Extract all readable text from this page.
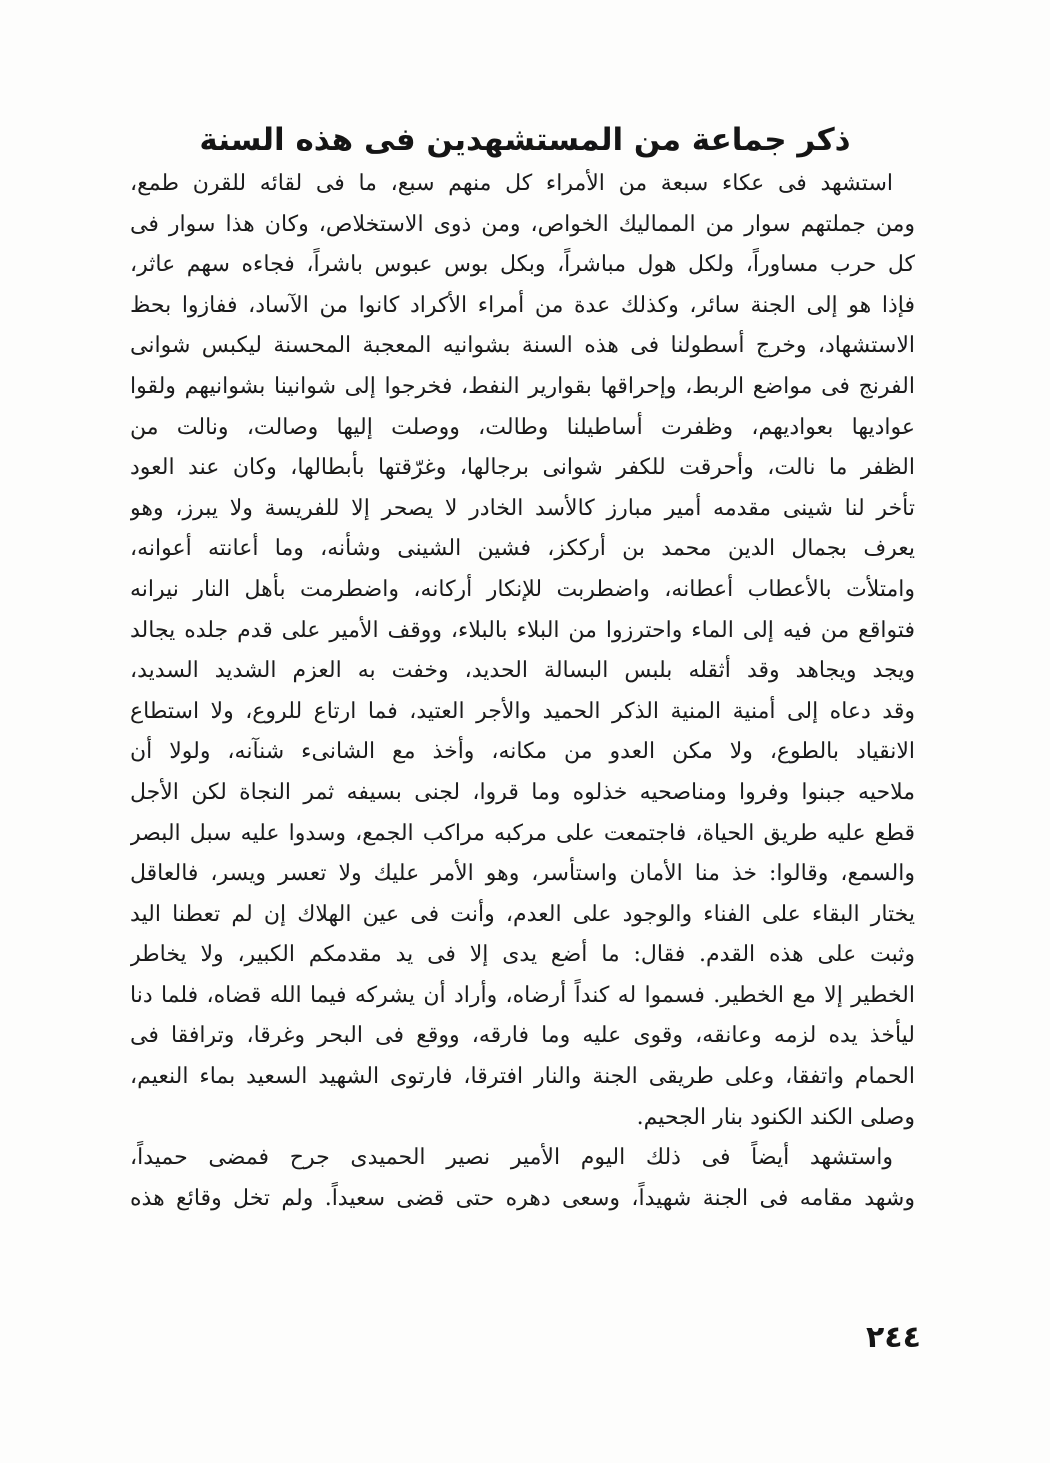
ذكر جماعة من المستشهدين فى هذه السنة
استشهد فى عكاء سبعة من الأمراء كل منهم سبع، ما فى لقائه للقرن طمع،
ومن جملتهم سوار من المماليك الخواص، ومن ذوى الاستخلاص، وكان هذا سوار فى
كل حرب مساوراً، ولكل هول مباشراً، وبكل بوس عبوس باشراً، فجاءه سهم عاثر،
فإذا هو إلى الجنة سائر، وكذلك عدة من أمراء الأكراد كانوا من الآساد، ففازوا بحظ
الاستشهاد، وخرج أسطولنا فى هذه السنة بشوانيه المعجبة المحسنة ليكبس شوانى
الفرنج فى مواضع الربط، وإحراقها بقوارير النفط، فخرجوا إلى شوانينا بشوانيهم ولقوا
عواديها بعواديهم، وظفرت أساطيلنا وطالت، ووصلت إليها وصالت، ونالت من
الظفر ما نالت، وأحرقت للكفر شوانى برجالها، وغرّقتها بأبطالها، وكان عند العود
تأخر لنا شينى مقدمه أمير مبارز كالأسد الخادر لا يصحر إلا للفريسة ولا يبرز، وهو
يعرف بجمال الدين محمد بن أرككز، فشين الشينى وشأنه، وما أعانته أعوانه،
وامتلأت بالأعطاب أعطانه، واضطربت للإنكار أركانه، واضطرمت بأهل النار نيرانه
فتواقع من فيه إلى الماء واحترزوا من البلاء بالبلاء، ووقف الأمير على قدم جلده يجالد
ويجد ويجاهد وقد أثقله بلبس البسالة الحديد، وخفت به العزم الشديد السديد،
وقد دعاه إلى أمنية المنية الذكر الحميد والأجر العتيد، فما ارتاع للروع، ولا استطاع
الانقياد بالطوع، ولا مكن العدو من مكانه، وأخذ مع الشانىء شنآنه، ولولا أن
ملاحيه جبنوا وفروا ومناصحيه خذلوه وما قروا، لجنى بسيفه ثمر النجاة لكن الأجل
قطع عليه طريق الحياة، فاجتمعت على مركبه مراكب الجمع، وسدوا عليه سبل البصر
والسمع، وقالوا: خذ منا الأمان واستأسر، وهو الأمر عليك ولا تعسر ويسر، فالعاقل
يختار البقاء على الفناء والوجود على العدم، وأنت فى عين الهلاك إن لم تعطنا اليد
وثبت على هذه القدم. فقال: ما أضع يدى إلا فى يد مقدمكم الكبير، ولا يخاطر
الخطير إلا مع الخطير. فسموا له كنداً أرضاه، وأراد أن يشركه فيما الله قضاه، فلما دنا
ليأخذ يده لزمه وعانقه، وقوى عليه وما فارقه، ووقع فى البحر وغرقا، وترافقا فى
الحمام واتفقا، وعلى طريقى الجنة والنار افترقا، فارتوى الشهيد السعيد بماء النعيم،
وصلى الكند الكنود بنار الجحيم.
واستشهد أيضاً فى ذلك اليوم الأمير نصير الحميدى جرح فمضى حميداً،
وشهد مقامه فى الجنة شهيداً، وسعى دهره حتى قضى سعيداً. ولم تخل وقائع هذه
٢٤٤
